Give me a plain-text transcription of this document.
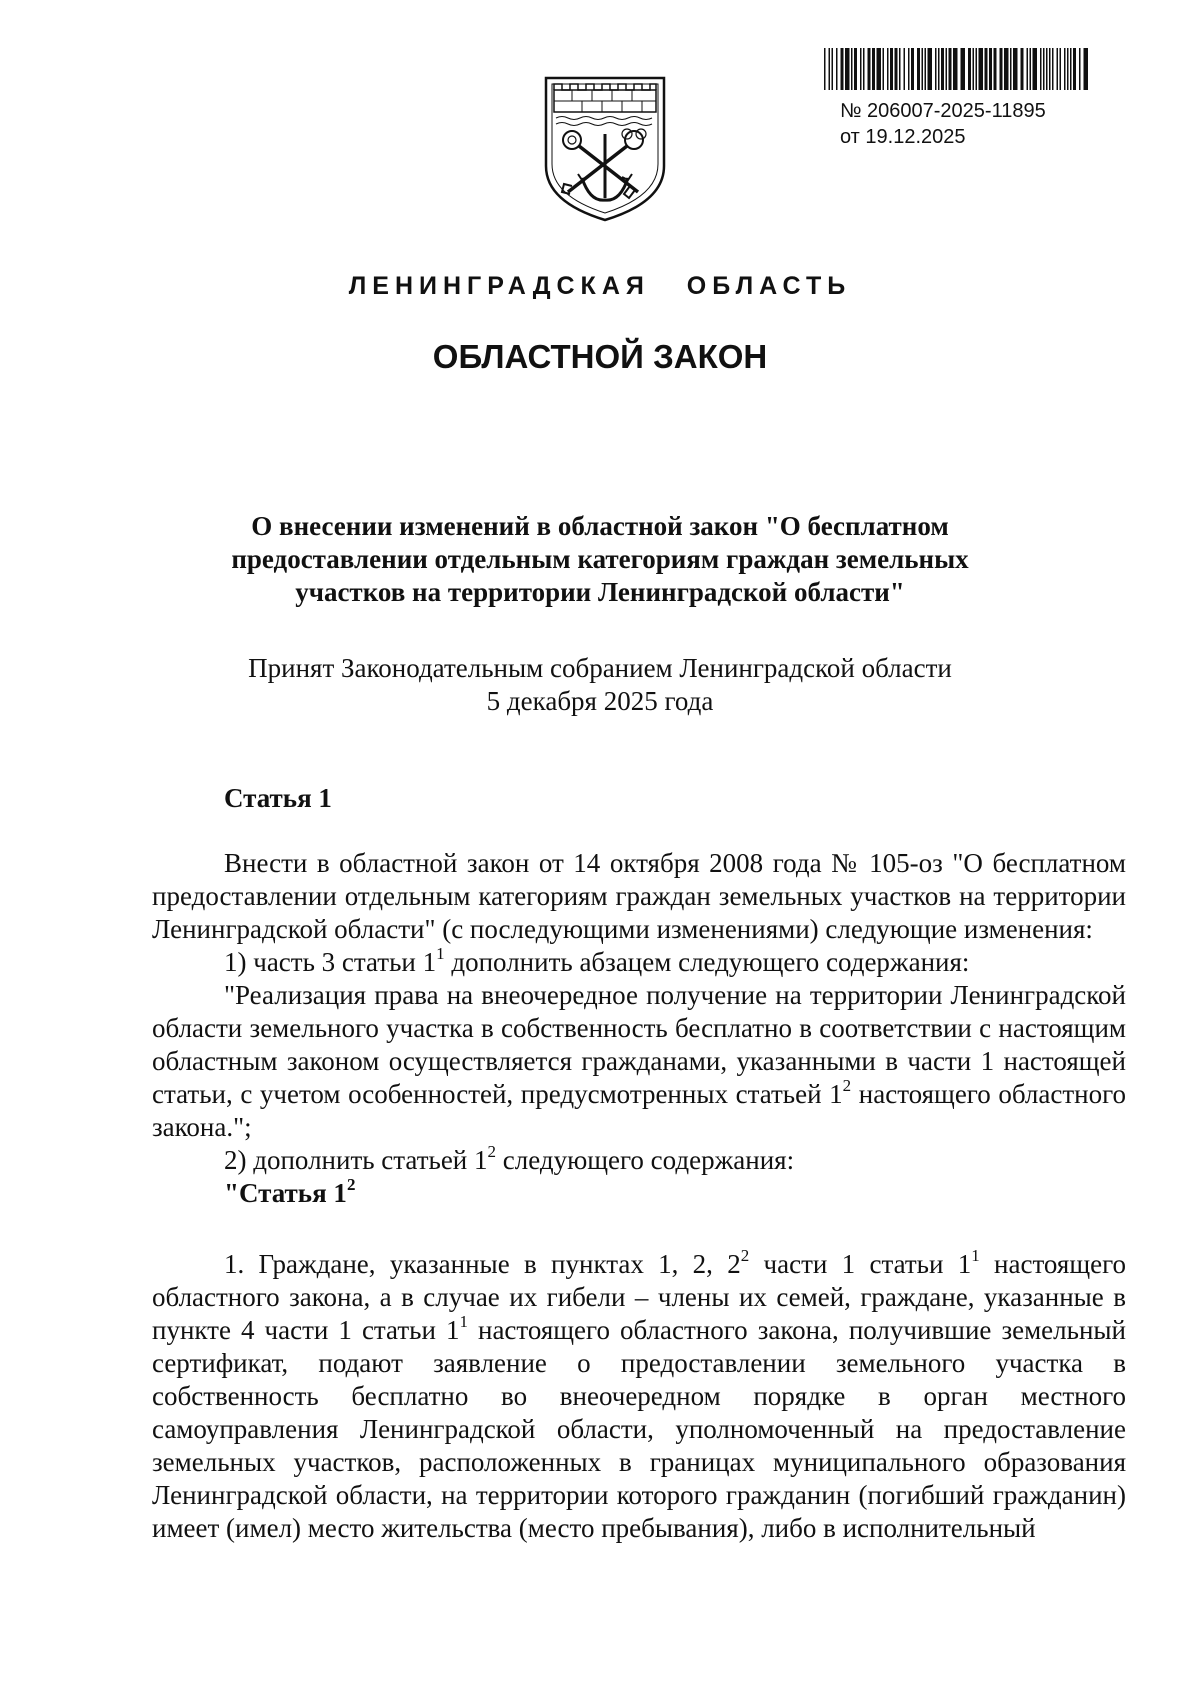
№ 206007-2025-11895
от 19.12.2025
ЛЕНИНГРАДСКАЯ ОБЛАСТЬ
ОБЛАСТНОЙ ЗАКОН
О внесении изменений в областной закон "О бесплатном предоставлении отдельным категориям граждан земельных участков на территории Ленинградской области"
Принят Законодательным собранием Ленинградской области
5 декабря 2025 года
Статья 1

Внести в областной закон от 14 октября 2008 года № 105-оз "О бесплатном предоставлении отдельным категориям граждан земельных участков на территории Ленинградской области" (с последующими изменениями) следующие изменения:

1) часть 3 статьи $1^1$ дополнить абзацем следующего содержания:

"Реализация права на внеочередное получение на территории Ленинградской области земельного участка в собственность бесплатно в соответствии с настоящим областным законом осуществляется гражданами, указанными в части 1 настоящей статьи, с учетом особенностей, предусмотренных статьей $1^2$ настоящего областного закона.";

2) дополнить статьей $1^2$ следующего содержания:

"Статья $1^2$

1. Граждане, указанные в пунктах 1, 2, $2^2$ части 1 статьи $1^1$ настоящего областного закона, а в случае их гибели – члены их семей, граждане, указанные в пункте 4 части 1 статьи $1^1$ настоящего областного закона, получившие земельный сертификат, подают заявление о предоставлении земельного участка в собственность бесплатно во внеочередном порядке в орган местного самоуправления Ленинградской области, уполномоченный на предоставление земельных участков, расположенных в границах муниципального образования Ленинградской области, на территории которого гражданин (погибший гражданин) имеет (имел) место жительства (место пребывания), либо в исполнительный
